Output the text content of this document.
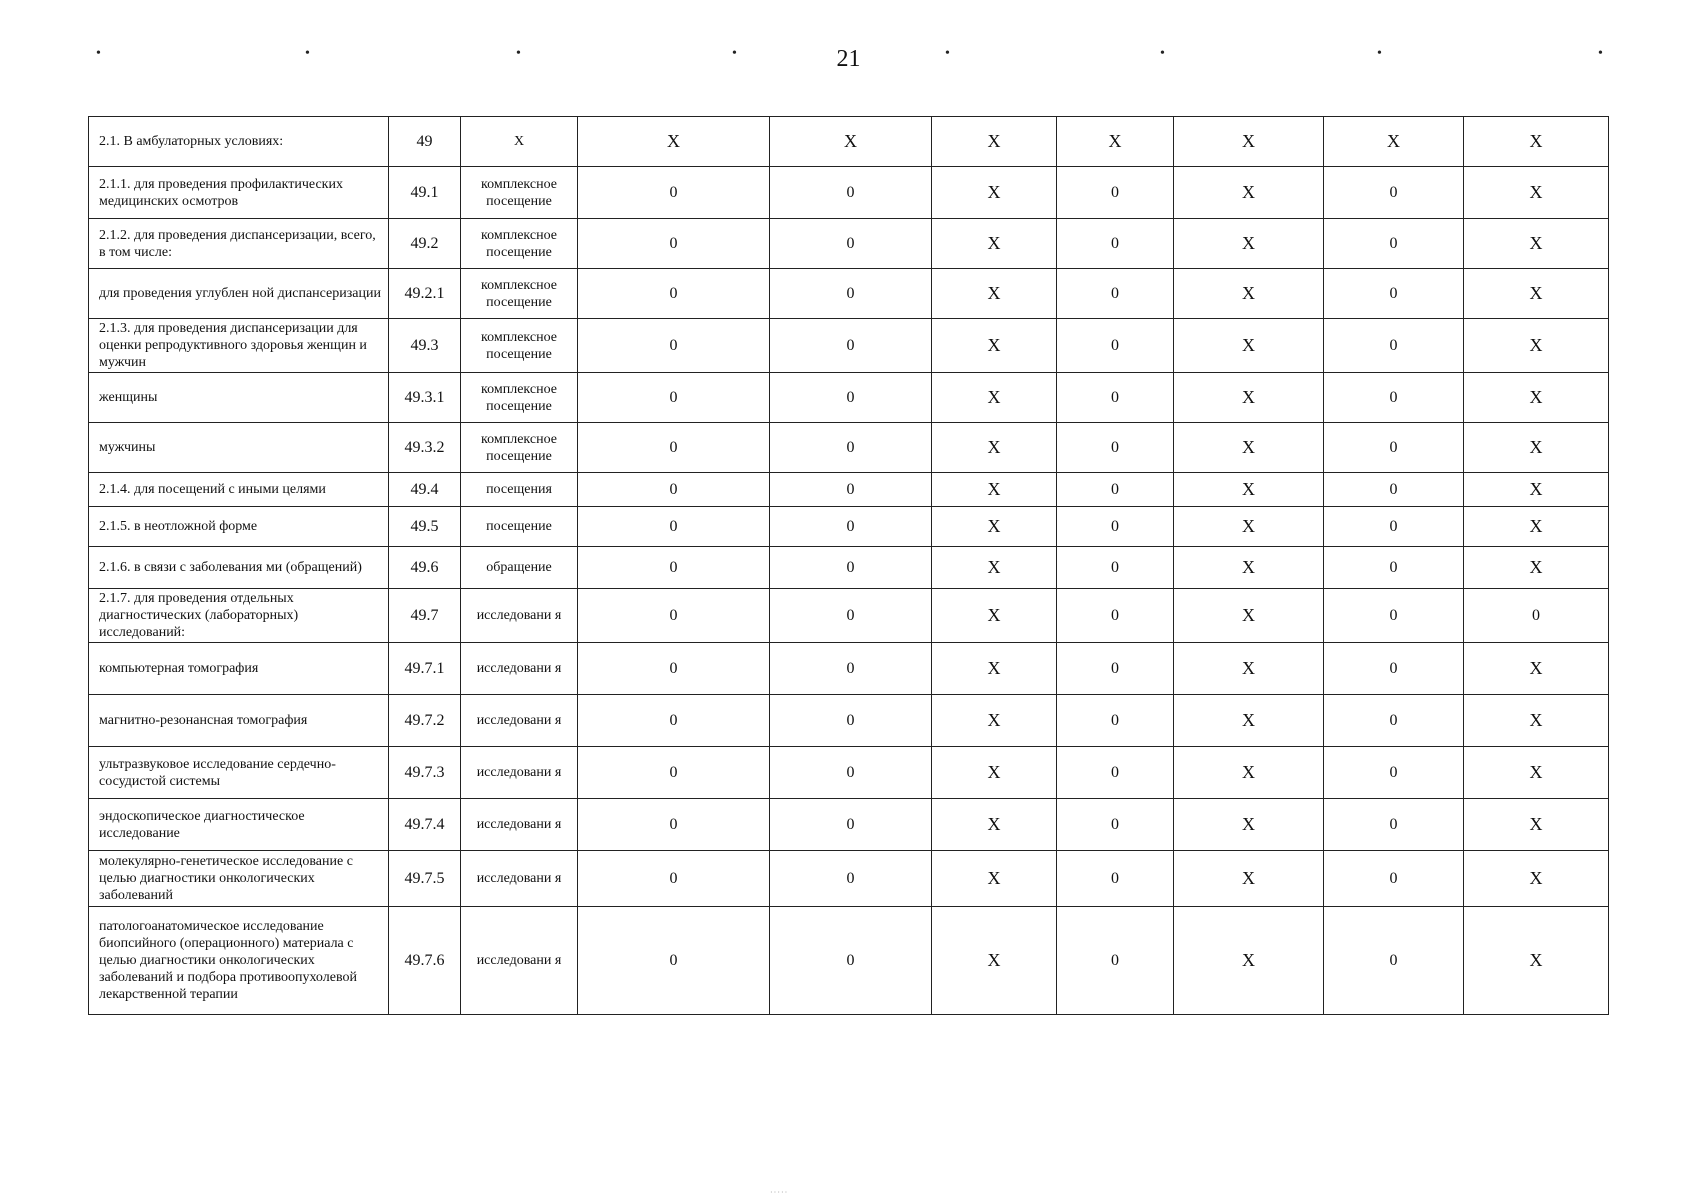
21
•	•	•	•	•	•	•	•
2.1. В амбулаторных условиях:	49	Х	Х	Х	Х	Х	Х	Х	Х
2.1.1. для проведения профилактических медицинских осмотров	49.1	комплексное посещение	0	0	Х	0	Х	0	Х
2.1.2. для проведения диспансеризации, всего, в том числе:	49.2	комплексное посещение	0	0	Х	0	Х	0	Х
для проведения углублен ной диспансеризации	49.2.1	комплексное посещение	0	0	Х	0	Х	0	Х
2.1.3. для проведения диспансеризации для оценки репродуктивного здоровья женщин и мужчин	49.3	комплексное посещение	0	0	Х	0	Х	0	Х
женщины	49.3.1	комплексное посещение	0	0	Х	0	Х	0	Х
мужчины	49.3.2	комплексное посещение	0	0	Х	0	Х	0	Х
2.1.4. для посещений с иными целями	49.4	посещения	0	0	Х	0	Х	0	Х
2.1.5. в неотложной форме	49.5	посещение	0	0	Х	0	Х	0	Х
2.1.6. в связи с заболевания ми (обращений)	49.6	обращение	0	0	Х	0	Х	0	Х
2.1.7. для проведения отдельных диагностических (лабораторных) исследований:	49.7	исследовани я	0	0	Х	0	Х	0	0
компьютерная томография	49.7.1	исследовани я	0	0	Х	0	Х	0	Х
магнитно-резонансная томография	49.7.2	исследовани я	0	0	Х	0	Х	0	Х
ультразвуковое исследование сердечно-сосудистой системы	49.7.3	исследовани я	0	0	Х	0	Х	0	Х
эндоскопическое диагностическое исследование	49.7.4	исследовани я	0	0	Х	0	Х	0	Х
молекулярно-генетическое исследование с целью диагностики онкологических заболеваний	49.7.5	исследовани я	0	0	Х	0	Х	0	Х
патологоанатомическое исследование биопсийного (операционного) материала с целью диагностики онкологических заболеваний и подбора противоопухолевой лекарственной терапии	49.7.6	исследовани я	0	0	Х	0	Х	0	Х
·····
